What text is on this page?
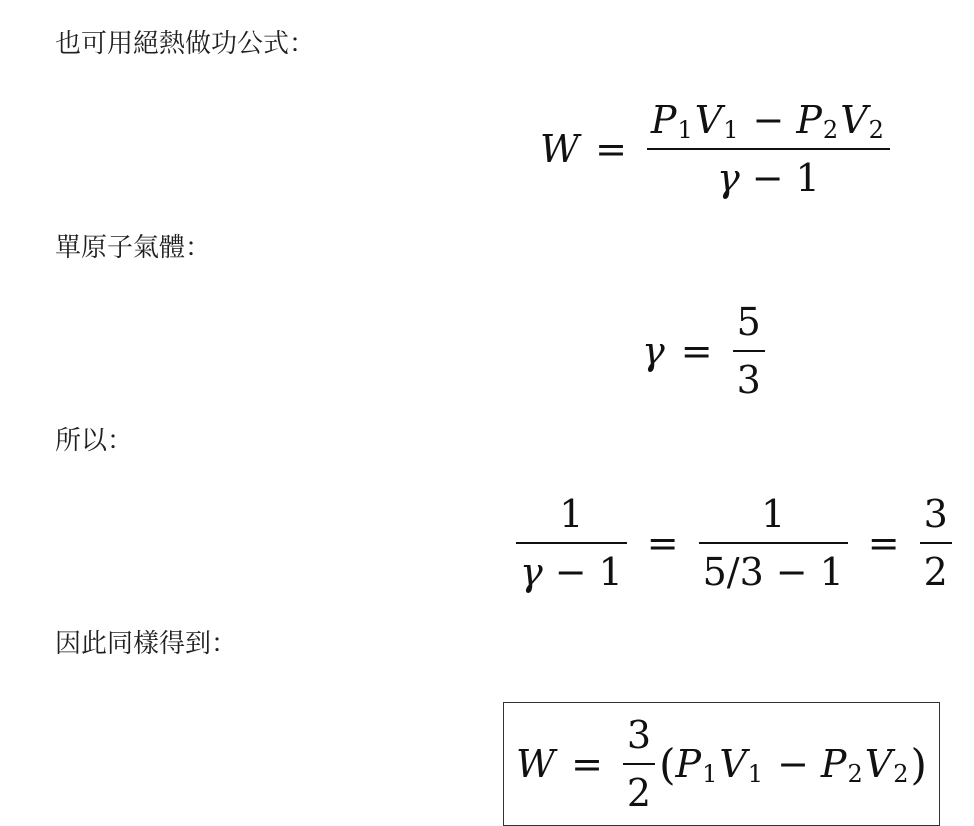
也可用絕熱做功公式：

$W = \frac{P 1 V 1 - P 2 V 2}{\gamma - 1}$

單原子氣體：

$\gamma = \frac{5}{3}$

所以：

$\frac{1}{\gamma - 1} = \frac{1}{5/3 - 1} = \frac{3}{2}$

因此同樣得到：

$W = \frac{3}{2}$ ( P 1 V 1 − P 2 V 2 )
